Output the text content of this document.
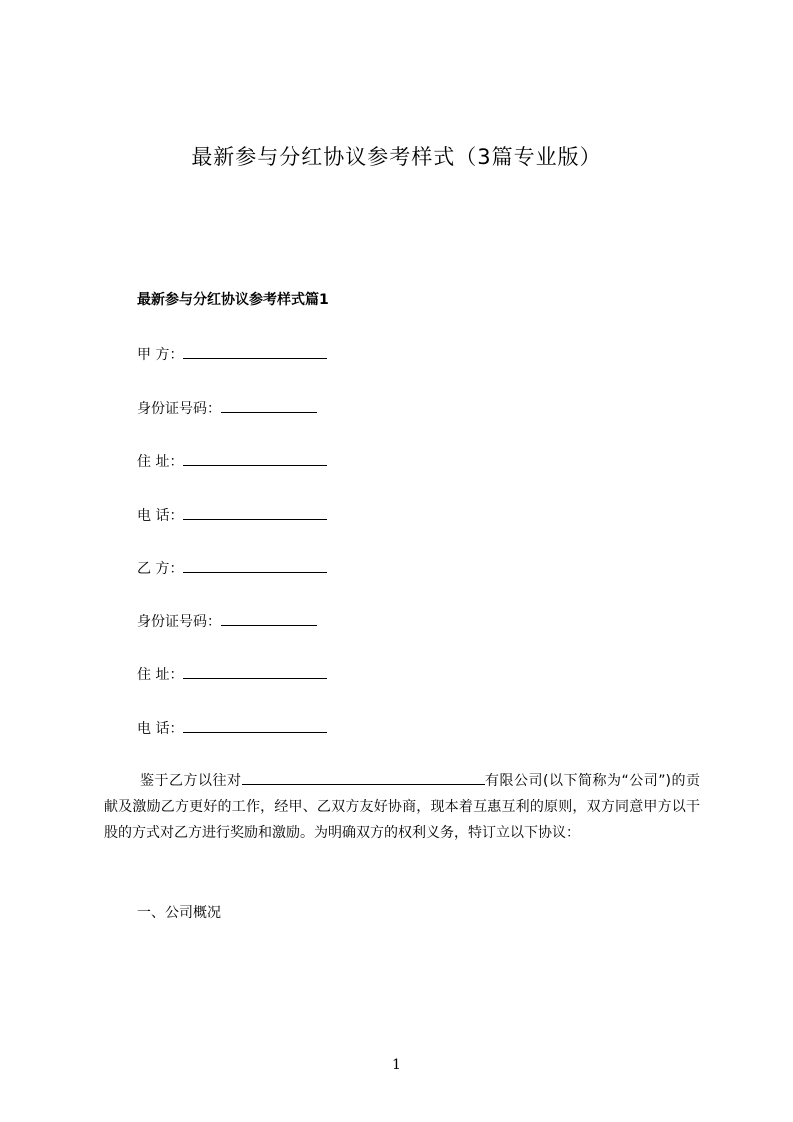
最新参与分红协议参考样式（3篇专业版）
最新参与分红协议参考样式篇1
甲 方：
身份证号码：
住 址：
电 话：
乙 方：
身份证号码：
住 址：
电 话：
鉴于乙方以往对	有限公司(以下简称为“公司”)的贡献及激励乙方更好的工作，经甲、乙双方友好协商，现本着互惠互利的原则，双方同意甲方以干股的方式对乙方进行奖励和激励。为明确双方的权利义务，特订立以下协议：
一、公司概况
1
